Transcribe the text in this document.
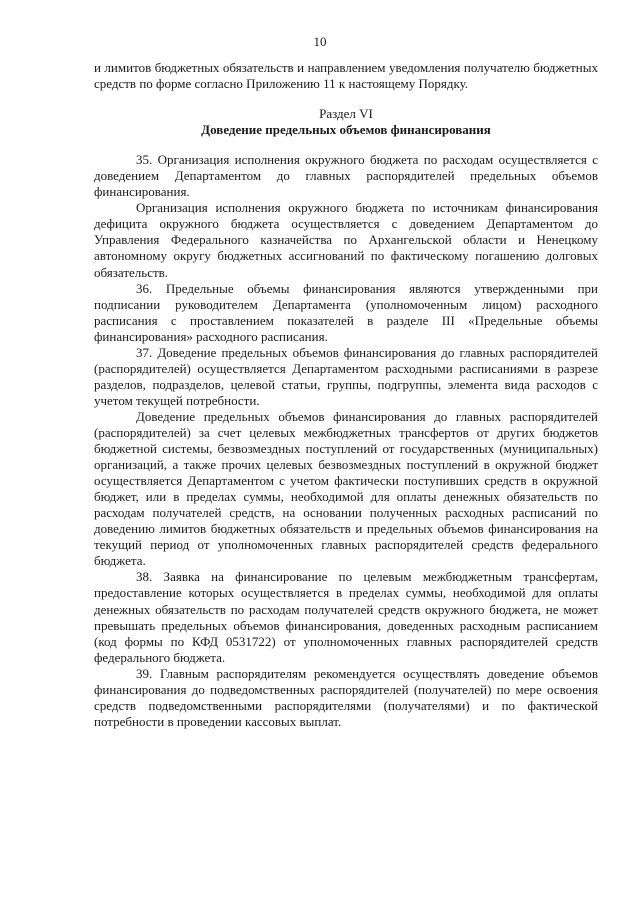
10

и лимитов бюджетных обязательств и направлением уведомления получателю бюджетных средств по форме согласно Приложению 11 к настоящему Порядку.

Раздел VI

Доведение предельных объемов финансирования

35. Организация исполнения окружного бюджета по расходам осуществляется с доведением Департаментом до главных распорядителей предельных объемов финансирования.

Организация исполнения окружного бюджета по источникам финансирования дефицита окружного бюджета осуществляется с доведением Департаментом до Управления Федерального казначейства по Архангельской области и Ненецкому автономному округу бюджетных ассигнований по фактическому погашению долговых обязательств.

36. Предельные объемы финансирования являются утвержденными при подписании руководителем Департамента (уполномоченным лицом) расходного расписания с проставлением показателей в разделе III «Предельные объемы финансирования» расходного расписания.

37. Доведение предельных объемов финансирования до главных распорядителей (распорядителей) осуществляется Департаментом расходными расписаниями в разрезе разделов, подразделов, целевой статьи, группы, подгруппы, элемента вида расходов с учетом текущей потребности.

Доведение предельных объемов финансирования до главных распорядителей (распорядителей) за счет целевых межбюджетных трансфертов от других бюджетов бюджетной системы, безвозмездных поступлений от государственных (муниципальных) организаций, а также прочих целевых безвозмездных поступлений в окружной бюджет осуществляется Департаментом с учетом фактически поступивших средств в окружной бюджет, или в пределах суммы, необходимой для оплаты денежных обязательств по расходам получателей средств, на основании полученных расходных расписаний по доведению лимитов бюджетных обязательств и предельных объемов финансирования на текущий период от уполномоченных главных распорядителей средств федерального бюджета.

38. Заявка на финансирование по целевым межбюджетным трансфертам, предоставление которых осуществляется в пределах суммы, необходимой для оплаты денежных обязательств по расходам получателей средств окружного бюджета, не может превышать предельных объемов финансирования, доведенных расходным расписанием (код формы по КФД 0531722) от уполномоченных главных распорядителей средств федерального бюджета.

39. Главным распорядителям рекомендуется осуществлять доведение объемов финансирования до подведомственных распорядителей (получателей) по мере освоения средств подведомственными распорядителями (получателями) и по фактической потребности в проведении кассовых выплат.
